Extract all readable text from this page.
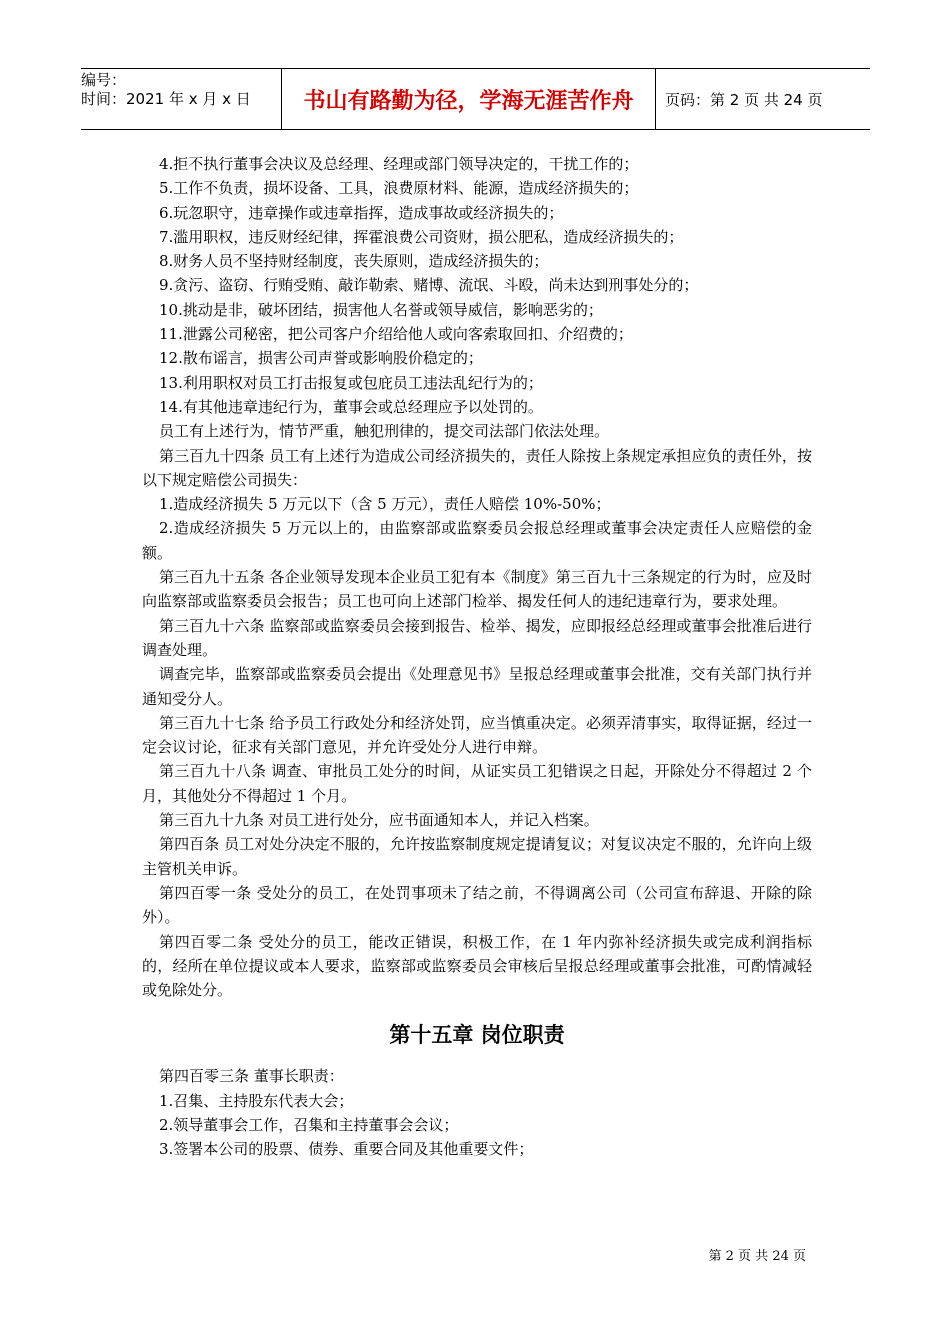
编号：
时间：2021 年 x 月 x 日	书山有路勤为径，学海无涯苦作舟	页码：第 2 页 共 24 页

4.拒不执行董事会决议及总经理、经理或部门领导决定的，干扰工作的；

5.工作不负责，损坏设备、工具，浪费原材料、能源，造成经济损失的；

6.玩忽职守，违章操作或违章指挥，造成事故或经济损失的；

7.滥用职权，违反财经纪律，挥霍浪费公司资财，损公肥私，造成经济损失的；

8.财务人员不坚持财经制度，丧失原则，造成经济损失的；

9.贪污、盗窃、行贿受贿、敲诈勒索、赌博、流氓、斗殴，尚未达到刑事处分的；

10.挑动是非，破坏团结，损害他人名誉或领导威信，影响恶劣的；

11.泄露公司秘密，把公司客户介绍给他人或向客索取回扣、介绍费的；

12.散布谣言，损害公司声誉或影响股价稳定的；

13.利用职权对员工打击报复或包庇员工违法乱纪行为的；

14.有其他违章违纪行为，董事会或总经理应予以处罚的。

员工有上述行为，情节严重，触犯刑律的，提交司法部门依法处理。

第三百九十四条 员工有上述行为造成公司经济损失的，责任人除按上条规定承担应负的责任外，按以下规定赔偿公司损失：

1.造成经济损失 5 万元以下（含 5 万元），责任人赔偿 10%-50%；

2.造成经济损失 5 万元以上的，由监察部或监察委员会报总经理或董事会决定责任人应赔偿的金额。

第三百九十五条 各企业领导发现本企业员工犯有本《制度》第三百九十三条规定的行为时，应及时向监察部或监察委员会报告；员工也可向上述部门检举、揭发任何人的违纪违章行为，要求处理。

第三百九十六条 监察部或监察委员会接到报告、检举、揭发，应即报经总经理或董事会批准后进行调查处理。

调查完毕，监察部或监察委员会提出《处理意见书》呈报总经理或董事会批准，交有关部门执行并通知受分人。

第三百九十七条 给予员工行政处分和经济处罚，应当慎重决定。必须弄清事实，取得证据，经过一定会议讨论，征求有关部门意见，并允许受处分人进行申辩。

第三百九十八条 调查、审批员工处分的时间，从证实员工犯错误之日起，开除处分不得超过 2 个月，其他处分不得超过 1 个月。

第三百九十九条 对员工进行处分，应书面通知本人，并记入档案。

第四百条 员工对处分决定不服的，允许按监察制度规定提请复议；对复议决定不服的，允许向上级主管机关申诉。

第四百零一条 受处分的员工，在处罚事项未了结之前，不得调离公司（公司宣布辞退、开除的除外）。

第四百零二条 受处分的员工，能改正错误，积极工作，在 1 年内弥补经济损失或完成利润指标的，经所在单位提议或本人要求，监察部或监察委员会审核后呈报总经理或董事会批准，可酌情减轻或免除处分。

第十五章 岗位职责

第四百零三条 董事长职责：

1.召集、主持股东代表大会；

2.领导董事会工作，召集和主持董事会会议；

3.签署本公司的股票、债券、重要合同及其他重要文件；

第 2 页 共 24 页
